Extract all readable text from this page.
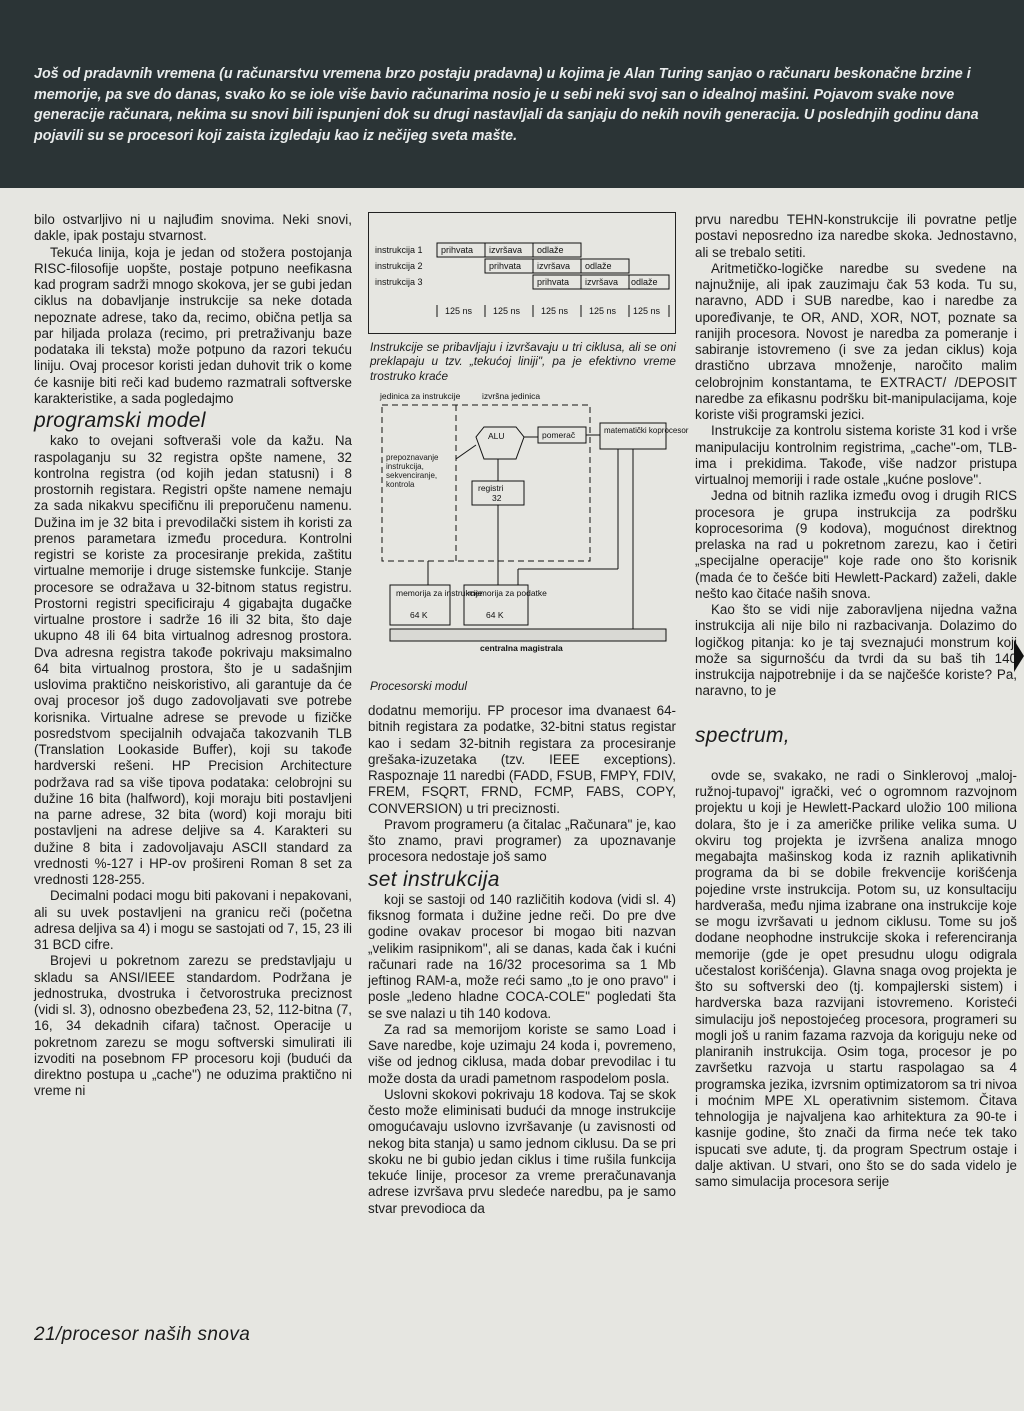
Još od pradavnih vremena (u računarstvu vremena brzo postaju pradavna) u kojima je Alan Turing sanjao o računaru beskonačne brzine i memorije, pa sve do danas, svako ko se iole više bavio računarima nosio je u sebi neki svoj san o idealnoj mašini. Pojavom svake nove generacije računara, nekima su snovi bili ispunjeni dok su drugi nastavljali da sanjaju do nekih novih generacija. U poslednjih godinu dana pojavili su se procesori koji zaista izgledaju kao iz nečijeg sveta mašte.

bilo ostvarljivo ni u najluđim snovima. Neki snovi, dakle, ipak postaju stvarnost.

Tekuća linija, koja je jedan od stožera postojanja RISC-filosofije uopšte, postaje potpuno neefikasna kad program sadrži mnogo skokova, jer se gubi jedan ciklus na dobavljanje instrukcije sa neke dotada nepoznate adrese, tako da, recimo, obična petlja sa par hiljada prolaza (recimo, pri pretraživanju baze podataka ili teksta) može potpuno da razori tekuću liniju. Ovaj procesor koristi jedan duhovit trik o kome će kasnije biti reči kad budemo razmatrali softverske karakteristike, a sada pogledajmo

programski model

kako to ovejani softveraši vole da kažu. Na raspolaganju su 32 registra opšte namene, 32 kontrolna registra (od kojih jedan statusni) i 8 prostornih registara. Registri opšte namene nemaju za sada nikakvu specifičnu ili preporučenu namenu. Dužina im je 32 bita i prevodilački sistem ih koristi za prenos parametara između procedura. Kontrolni registri se koriste za procesiranje prekida, zaštitu virtualne memorije i druge sistemske funkcije. Stanje procesore se odražava u 32-bitnom status registru. Prostorni registri specificiraju 4 gigabajta dugačke virtualne prostore i sadrže 16 ili 32 bita, što daje ukupno 48 ili 64 bita virtualnog adresnog prostora. Dva adresna registra takođe pokrivaju maksimalno 64 bita virtualnog prostora, što je u sadašnjim uslovima praktično neiskoristivo, ali garantuje da će ovaj procesor još dugo zadovoljavati sve potrebe korisnika. Virtualne adrese se prevode u fizičke posredstvom specijalnih odvajača takozvanih TLB (Translation Lookaside Buffer), koji su takođe hardverski rešeni. HP Precision Architecture podržava rad sa više tipova podataka: celobrojni su dužine 16 bita (halfword), koji moraju biti postavljeni na parne adrese, 32 bita (word) koji moraju biti postavljeni na adrese deljive sa 4. Karakteri su dužine 8 bita i zadovoljavaju ASCII standard za vrednosti %-127 i HP-ov prošireni Roman 8 set za vrednosti 128-255.

Decimalni podaci mogu biti pakovani i nepakovani, ali su uvek postavljeni na granicu reči (početna adresa deljiva sa 4) i mogu se sastojati od 7, 15, 23 ili 31 BCD cifre.

Brojevi u pokretnom zarezu se predstavljaju u skladu sa ANSI/IEEE standardom. Podržana je jednostruka, dvostruka i četvorostruka preciznost (vidi sl. 3), odnosno obezbeđena 23, 52, 112-bitna (7, 16, 34 dekadnih cifara) tačnost. Operacije u pokretnom zarezu se mogu softverski simulirati ili izvoditi na posebnom FP procesoru koji (budući da direktno postupa u „cache") ne oduzima praktično ni vreme ni

instrukcija 1
instrukcija 2
instrukcija 3
prihvata izvršava odlaže
prihvata izvršava odlaže
prihvata izvršava odlaže
125 ns 125 ns 125 ns 125 ns 125 ns
Instrukcije se pribavljaju i izvršavaju u tri ciklusa, ali se oni preklapaju u tzv. „tekućoj liniji", pa je efektivno vreme trostruko kraće
jedinica za instrukcije	izvršna jedinica
ALU	pomerač	matematički koprocesor
prepoznavanje instrukcija, sekvenciranje, kontrola	registri
32
memorija za instrukcije
64 K
memorija za podatke
64 K
centralna magistrala
Procesorski modul

dodatnu memoriju. FP procesor ima dvanaest 64-bitnih registara za podatke, 32-bitni status registar kao i sedam 32-bitnih registara za procesiranje grešaka-izuzetaka (tzv. IEEE exceptions). Raspoznaje 11 naredbi (FADD, FSUB, FMPY, FDIV, FREM, FSQRT, FRND, FCMP, FABS, COPY, CONVERSION) u tri preciznosti.

Pravom programeru (a čitalac „Računara" je, kao što znamo, pravi programer) za upoznavanje procesora nedostaje još samo

set instrukcija

koji se sastoji od 140 različitih kodova (vidi sl. 4) fiksnog formata i dužine jedne reči. Do pre dve godine ovakav procesor bi mogao biti nazvan „velikim rasipnikom", ali se danas, kada čak i kućni računari rade na 16/32 procesorima sa 1 Mb jeftinog RAM-a, može reći samo „to je ono pravo" i posle „ledeno hladne COCA-COLE" pogledati šta se sve nalazi u tih 140 kodova.

Za rad sa memorijom koriste se samo Load i Save naredbe, koje uzimaju 24 koda i, povremeno, više od jednog ciklusa, mada dobar prevodilac i tu može dosta da uradi pametnom raspodelom posla.

Uslovni skokovi pokrivaju 18 kodova. Taj se skok često može eliminisati budući da mnoge instrukcije omogućavaju uslovno izvršavanje (u zavisnosti od nekog bita stanja) u samo jednom ciklusu. Da se pri skoku ne bi gubio jedan ciklus i time rušila funkcija tekuće linije, procesor za vreme preračunavanja adrese izvršava prvu sledeće naredbu, pa je samo stvar prevodioca da

prvu naredbu TEHN-konstrukcije ili povratne petlje postavi neposredno iza naredbe skoka. Jednostavno, ali se trebalo setiti.

Aritmetičko-logičke naredbe su svedene na najnužnije, ali ipak zauzimaju čak 53 koda. Tu su, naravno, ADD i SUB naredbe, kao i naredbe za upoređivanje, te OR, AND, XOR, NOT, poznate sa ranijih procesora. Novost je naredba za pomeranje i sabiranje istovremeno (i sve za jedan ciklus) koja drastično ubrzava množenje, naročito malim celobrojnim konstantama, te EXTRACT/ /DEPOSIT naredbe za efikasnu podršku bit-manipulacijama, koje koriste viši programski jezici.

Instrukcije za kontrolu sistema koriste 31 kod i vrše manipulaciju kontrolnim registrima, „cache"-om, TLB-ima i prekidima. Takođe, više nadzor pristupa virtualnoj memoriji i rade ostale „kućne poslove".

Jedna od bitnih razlika između ovog i drugih RICS procesora je grupa instrukcija za podršku koprocesorima (9 kodova), mogućnost direktnog prelaska na rad u pokretnom zarezu, kao i četiri „specijalne operacije" koje rade ono što korisnik (mada će to češće biti Hewlett-Packard) zaželi, dakle nešto kao čitaće naših snova.

Kao što se vidi nije zaboravljena nijedna važna instrukcija ali nije bilo ni razbacivanja. Dolazimo do logičkog pitanja: ko je taj sveznajući monstrum koji može sa sigurnošću da tvrdi da su baš tih 140 instrukcija najpotrebnije i da se najčešće koriste? Pa, naravno, to je

spectrum,

ovde se, svakako, ne radi o Sinklerovoj „maloj-ružnoj-tupavoj" igrački, već o ogromnom razvojnom projektu u koji je Hewlett-Packard uložio 100 miliona dolara, što je i za američke prilike velika suma. U okviru tog projekta je izvršena analiza mnogo megabajta mašinskog koda iz raznih aplikativnih programa da bi se dobile frekvencije korišćenja pojedine vrste instrukcija. Potom su, uz konsultaciju hardveraša, među njima izabrane ona instrukcije koje se mogu izvršavati u jednom ciklusu. Tome su još dodane neophodne instrukcije skoka i referenciranja memorije (gde je opet presudnu ulogu odigrala učestalost korišćenja). Glavna snaga ovog projekta je što su softverski deo (tj. kompajlerski sistem) i hardverska baza razvijani istovremeno. Koristeći simulaciju još nepostojećeg procesora, programeri su mogli još u ranim fazama razvoja da koriguju neke od planiranih instrukcija. Osim toga, procesor je po završetku razvoja u startu raspolagao sa 4 programska jezika, izvrsnim optimizatorom sa tri nivoa i moćnim MPE XL operativnim sistemom. Čitava tehnologija je najvaljena kao arhitektura za 90-te i kasnije godine, što znači da firma neće tek tako ispucati sve adute, tj. da program Spectrum ostaje i dalje aktivan. U stvari, ono što se do sada videlo je samo simulacija procesora serije

21/procesor naših snova
